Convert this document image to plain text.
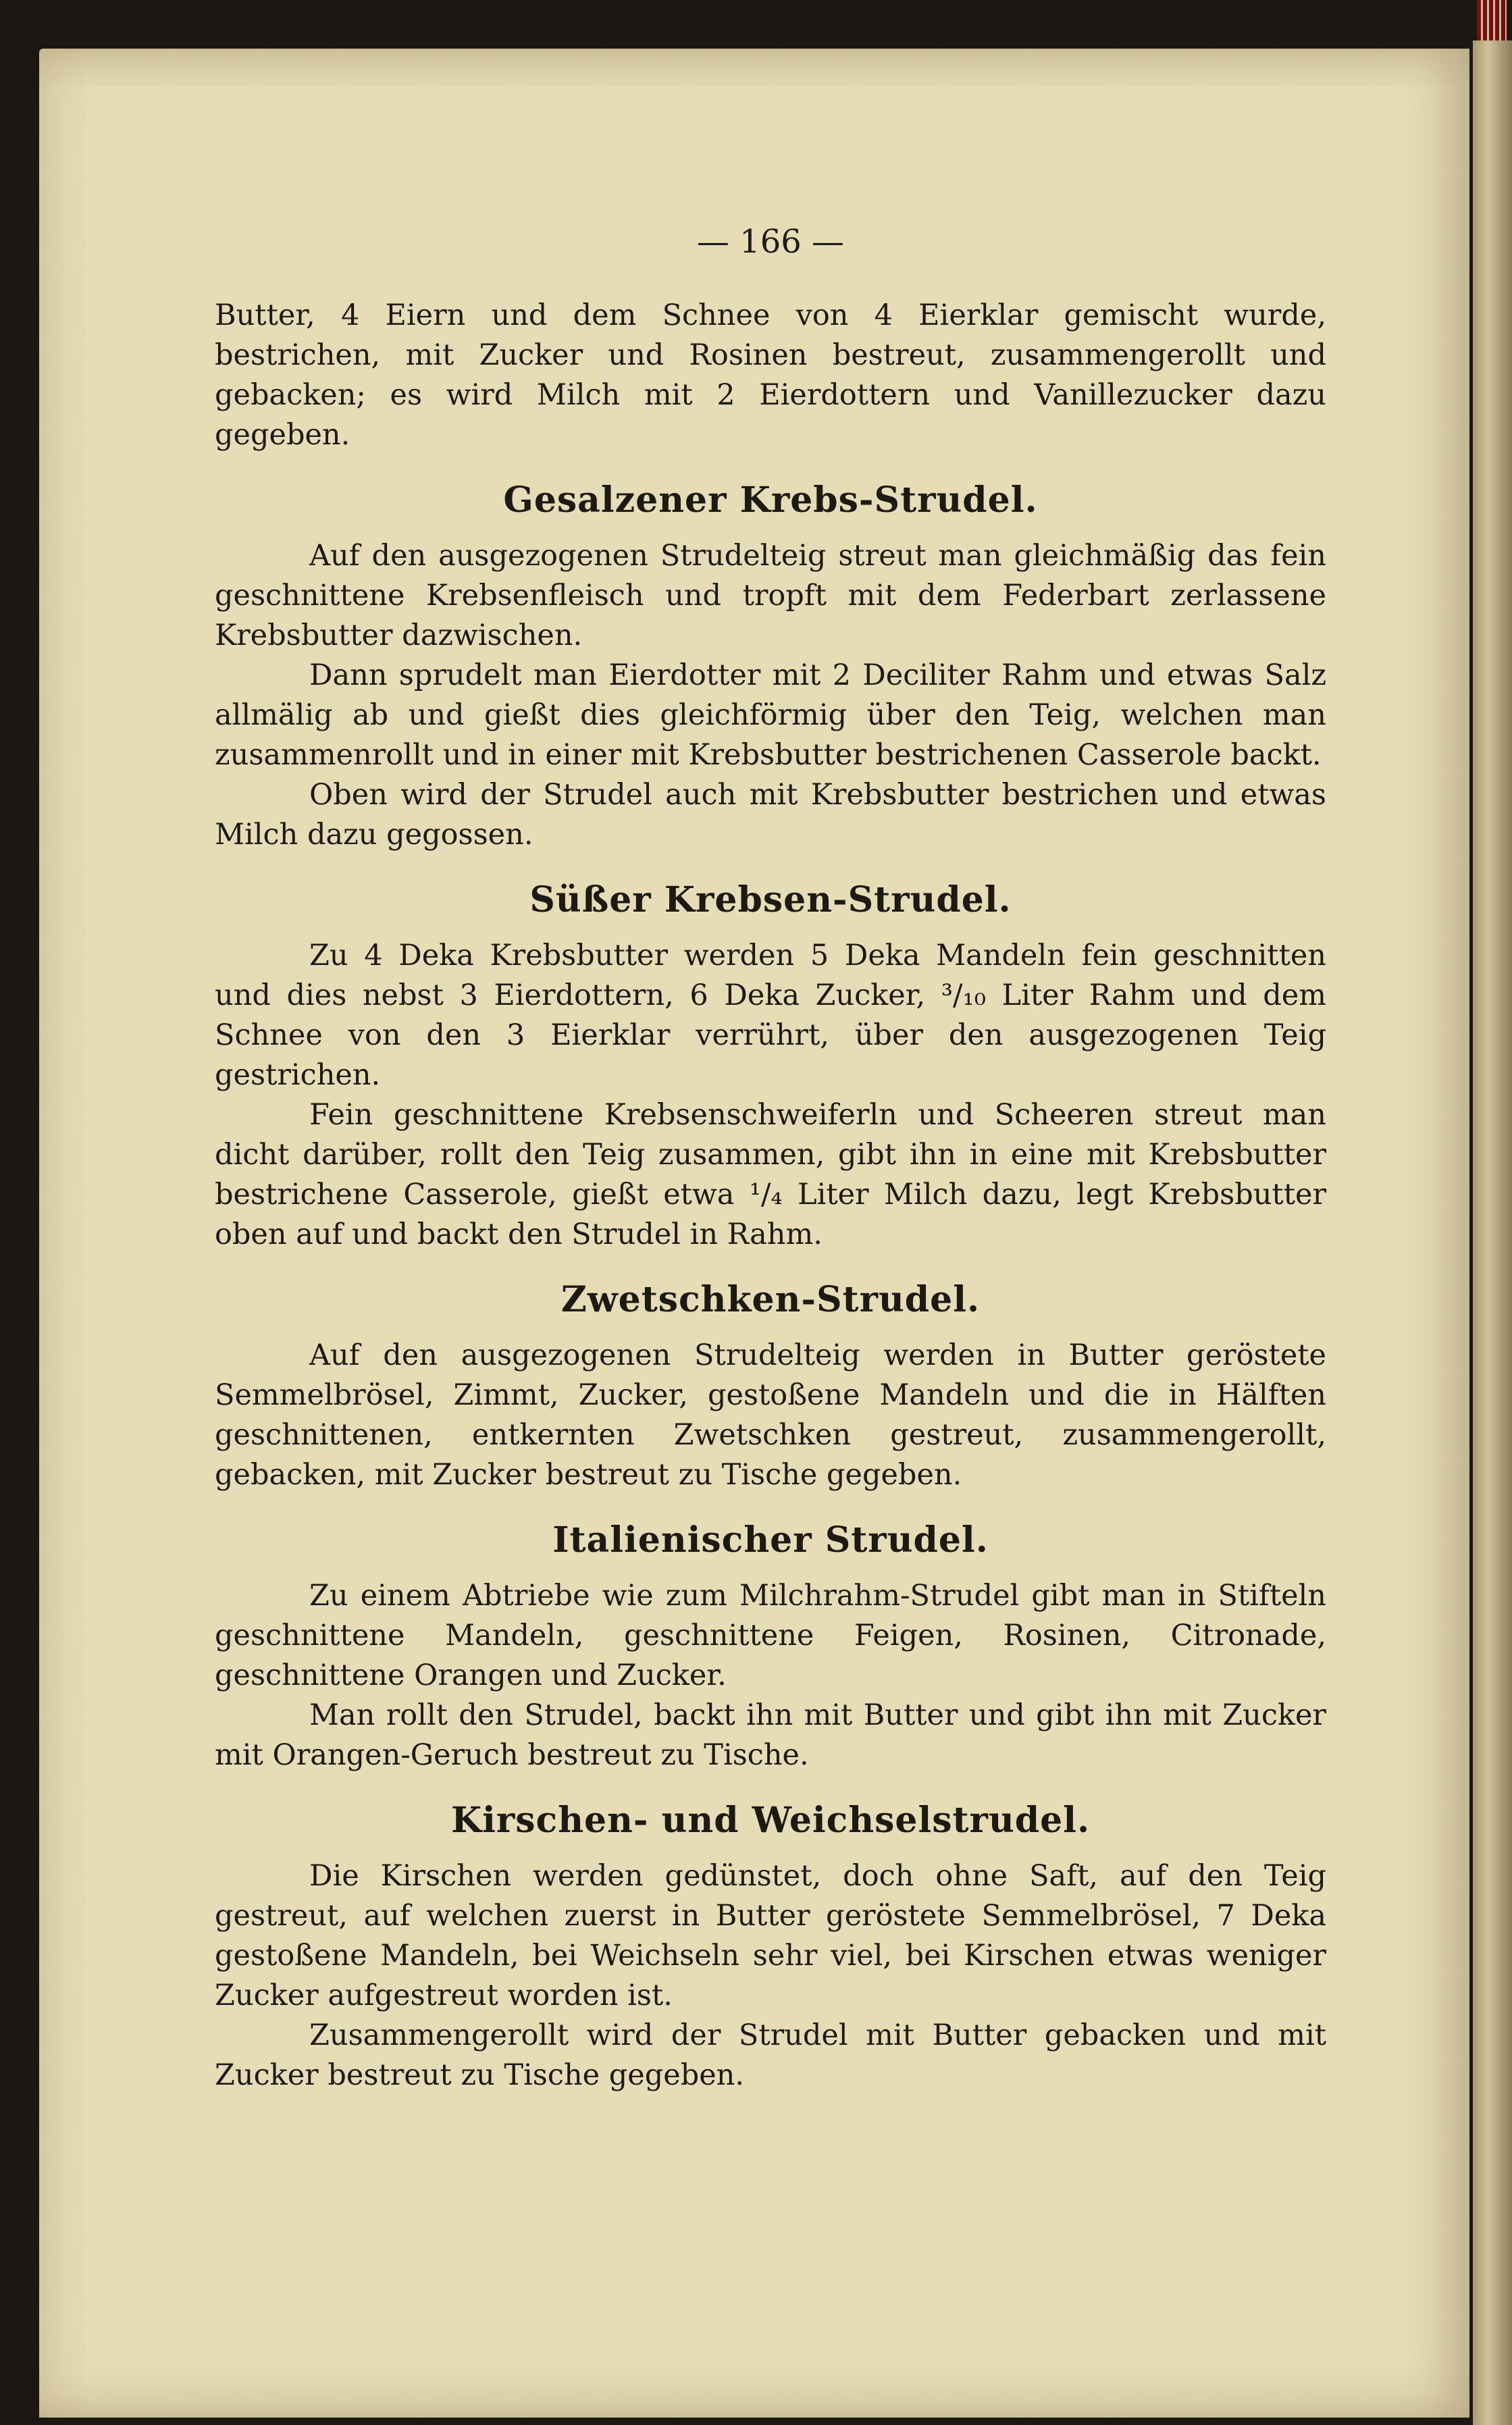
— 166 —

Butter, 4 Eiern und dem Schnee von 4 Eierklar gemischt wurde, bestrichen, mit Zucker und Rosinen bestreut, zusammengerollt und gebacken; es wird Milch mit 2 Eierdottern und Vanillezucker dazu gegeben.

Gesalzener Krebs-Strudel.

Auf den ausgezogenen Strudelteig streut man gleichmäßig das fein geschnittene Krebsenfleisch und tropft mit dem Federbart zerlassene Krebsbutter dazwischen.

Dann sprudelt man Eierdotter mit 2 Deciliter Rahm und etwas Salz allmälig ab und gießt dies gleichförmig über den Teig, welchen man zusammenrollt und in einer mit Krebsbutter bestrichenen Casserole backt.

Oben wird der Strudel auch mit Krebsbutter bestrichen und etwas Milch dazu gegossen.

Süßer Krebsen-Strudel.

Zu 4 Deka Krebsbutter werden 5 Deka Mandeln fein geschnitten und dies nebst 3 Eierdottern, 6 Deka Zucker, ³/₁₀ Liter Rahm und dem Schnee von den 3 Eierklar verrührt, über den ausgezogenen Teig gestrichen.

Fein geschnittene Krebsenschweiferln und Scheeren streut man dicht darüber, rollt den Teig zusammen, gibt ihn in eine mit Krebsbutter bestrichene Casserole, gießt etwa ¹/₄ Liter Milch dazu, legt Krebsbutter oben auf und backt den Strudel in Rahm.

Zwetschken-Strudel.

Auf den ausgezogenen Strudelteig werden in Butter geröstete Semmelbrösel, Zimmt, Zucker, gestoßene Mandeln und die in Hälften geschnittenen, entkernten Zwetschken gestreut, zusammengerollt, gebacken, mit Zucker bestreut zu Tische gegeben.

Italienischer Strudel.

Zu einem Abtriebe wie zum Milchrahm-Strudel gibt man in Stifteln geschnittene Mandeln, geschnittene Feigen, Rosinen, Citronade, geschnittene Orangen und Zucker.

Man rollt den Strudel, backt ihn mit Butter und gibt ihn mit Zucker mit Orangen-Geruch bestreut zu Tische.

Kirschen- und Weichselstrudel.

Die Kirschen werden gedünstet, doch ohne Saft, auf den Teig gestreut, auf welchen zuerst in Butter geröstete Semmelbrösel, 7 Deka gestoßene Mandeln, bei Weichseln sehr viel, bei Kirschen etwas weniger Zucker aufgestreut worden ist.

Zusammengerollt wird der Strudel mit Butter gebacken und mit Zucker bestreut zu Tische gegeben.
